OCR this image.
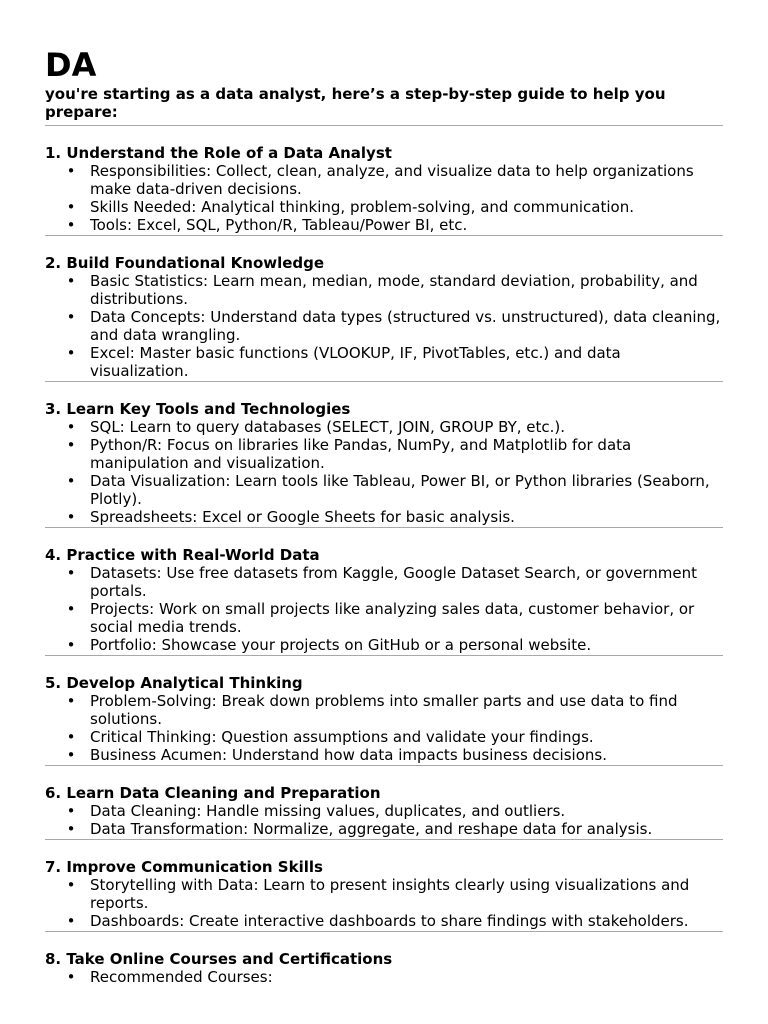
DA

you're starting as a data analyst, here’s a step-by-step guide to help you prepare:

1. Understand the Role of a Data Analyst
• Responsibilities: Collect, clean, analyze, and visualize data to help organizations make data-driven decisions.
• Skills Needed: Analytical thinking, problem-solving, and communication.
• Tools: Excel, SQL, Python/R, Tableau/Power BI, etc.
2. Build Foundational Knowledge
• Basic Statistics: Learn mean, median, mode, standard deviation, probability, and distributions.
• Data Concepts: Understand data types (structured vs. unstructured), data cleaning, and data wrangling.
• Excel: Master basic functions (VLOOKUP, IF, PivotTables, etc.) and data visualization.
3. Learn Key Tools and Technologies
• SQL: Learn to query databases (SELECT, JOIN, GROUP BY, etc.).
• Python/R: Focus on libraries like Pandas, NumPy, and Matplotlib for data manipulation and visualization.
• Data Visualization: Learn tools like Tableau, Power BI, or Python libraries (Seaborn, Plotly).
• Spreadsheets: Excel or Google Sheets for basic analysis.
4. Practice with Real-World Data
• Datasets: Use free datasets from Kaggle, Google Dataset Search, or government portals.
• Projects: Work on small projects like analyzing sales data, customer behavior, or social media trends.
• Portfolio: Showcase your projects on GitHub or a personal website.
5. Develop Analytical Thinking
• Problem-Solving: Break down problems into smaller parts and use data to find solutions.
• Critical Thinking: Question assumptions and validate your findings.
• Business Acumen: Understand how data impacts business decisions.
6. Learn Data Cleaning and Preparation
• Data Cleaning: Handle missing values, duplicates, and outliers.
• Data Transformation: Normalize, aggregate, and reshape data for analysis.
7. Improve Communication Skills
• Storytelling with Data: Learn to present insights clearly using visualizations and reports.
• Dashboards: Create interactive dashboards to share findings with stakeholders.
8. Take Online Courses and Certifications
• Recommended Courses:
